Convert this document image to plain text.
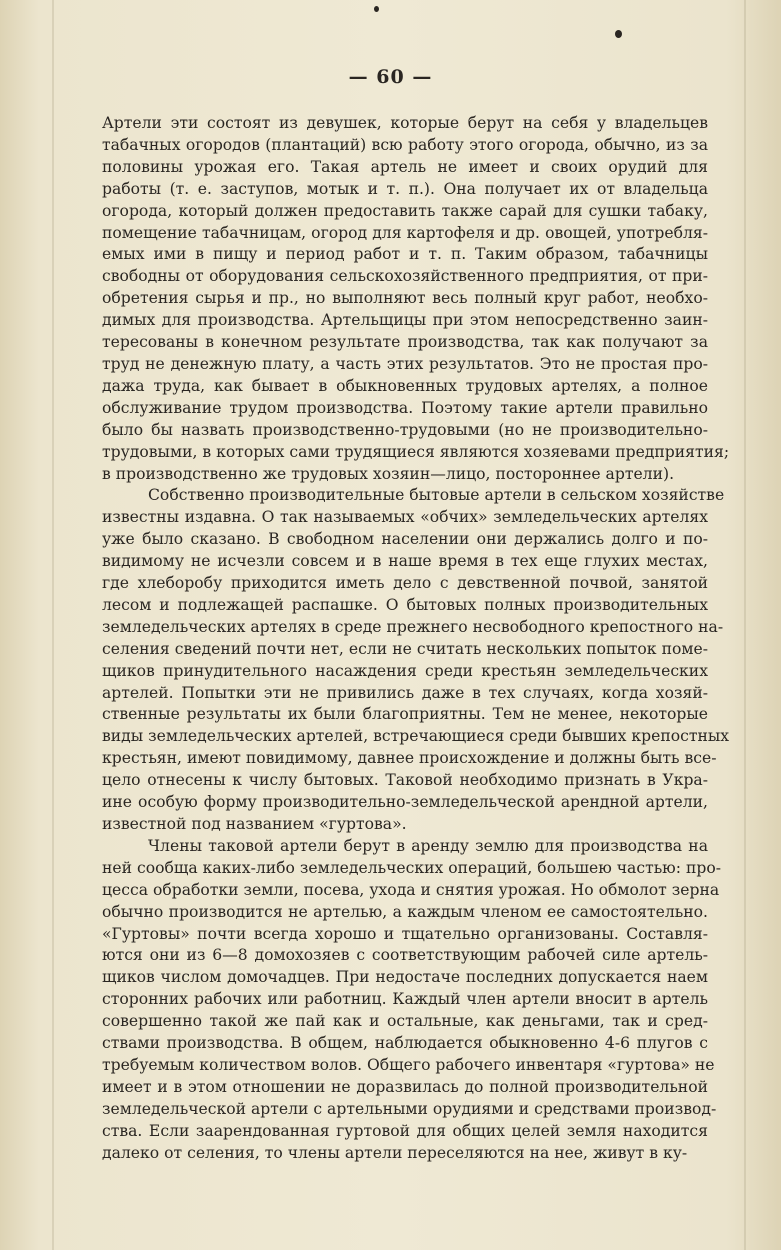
— 60 —
Артели эти состоят из девушек, которые берут на себя у владельцев
табачных огородов (плантаций) всю работу этого огорода, обычно, из за
половины урожая его. Такая артель не имеет и своих орудий для
работы (т. е. заступов, мотык и т. п.). Она получает их от владельца
огорода, который должен предоставить также сарай для сушки табаку,
помещение табачницам, огород для картофеля и др. овощей, употребля-
емых ими в пищу и период работ и т. п. Таким образом, табачницы
свободны от оборудования сельскохозяйственного предприятия, от при-
обретения сырья и пр., но выполняют весь полный круг работ, необхо-
димых для производства. Артельщицы при этом непосредственно заин-
тересованы в конечном результате производства, так как получают за
труд не денежную плату, а часть этих результатов. Это не простая про-
дажа труда, как бывает в обыкновенных трудовых артелях, а полное
обслуживание трудом производства. Поэтому такие артели правильно
было бы назвать производственно-трудовыми (но не производительно-
трудовыми, в которых сами трудящиеся являются хозяевами предприятия;
в производственно же трудовых хозяин—лицо, постороннее артели).
Собственно производительные бытовые артели в сельском хозяйстве
известны издавна. О так называемых «обчих» земледельческих артелях
уже было сказано. В свободном населении они держались долго и по-
видимому не исчезли совсем и в наше время в тех еще глухих местах,
где хлеборобу приходится иметь дело с девственной почвой, занятой
лесом и подлежащей распашке. О бытовых полных производительных
земледельческих артелях в среде прежнего несвободного крепостного на-
селения сведений почти нет, если не считать нескольких попыток поме-
щиков принудительного насаждения среди крестьян земледельческих
артелей. Попытки эти не привились даже в тех случаях, когда хозяй-
ственные результаты их были благоприятны. Тем не менее, некоторые
виды земледельческих артелей, встречающиеся среди бывших крепостных
крестьян, имеют повидимому, давнее происхождение и должны быть все-
цело отнесены к числу бытовых. Таковой необходимо признать в Укра-
ине особую форму производительно-земледельческой арендной артели,
известной под названием «гуртова».
Члены таковой артели берут в аренду землю для производства на
ней сообща каких-либо земледельческих операций, большею частью: про-
цесса обработки земли, посева, ухода и снятия урожая. Но обмолот зерна
обычно производится не артелью, а каждым членом ее самостоятельно.
«Гуртовы» почти всегда хорошо и тщательно организованы. Составля-
ются они из 6—8 домохозяев с соответствующим рабочей силе артель-
щиков числом домочадцев. При недостаче последних допускается наем
сторонних рабочих или работниц. Каждый член артели вносит в артель
совершенно такой же пай как и остальные, как деньгами, так и сред-
ствами производства. В общем, наблюдается обыкновенно 4-6 плугов с
требуемым количеством волов. Общего рабочего инвентаря «гуртова» не
имеет и в этом отношении не доразвилась до полной производительной
земледельческой артели с артельными орудиями и средствами производ-
ства. Если заарендованная гуртовой для общих целей земля находится
далеко от селения, то члены артели переселяются на нее, живут в ку-
